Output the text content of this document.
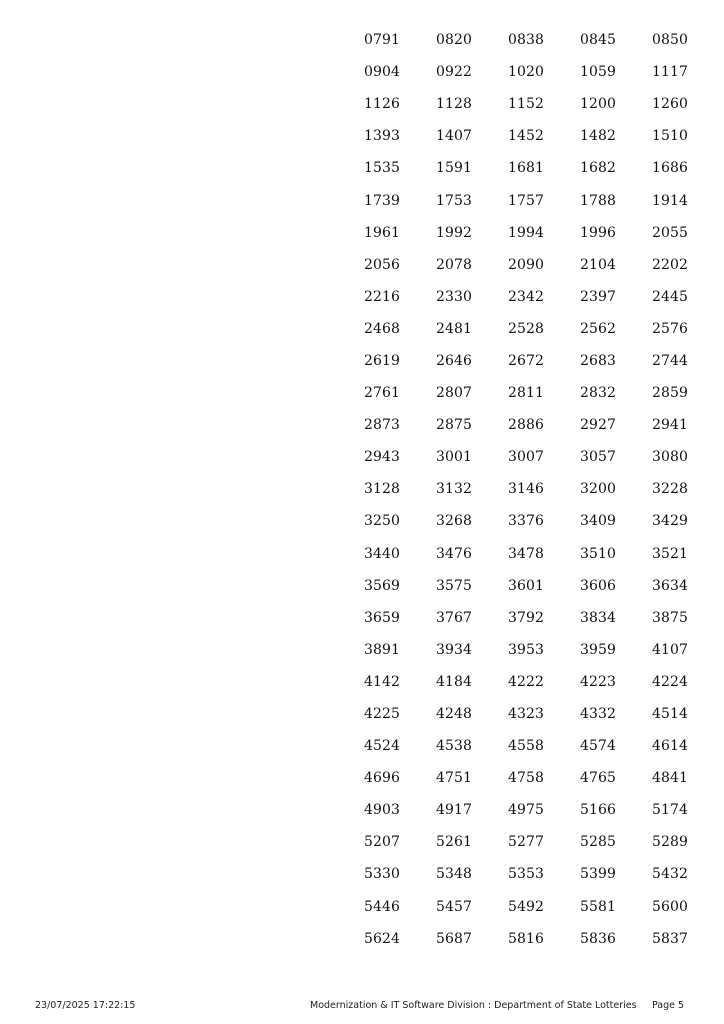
0791	0820	0838	0845	0850
0904	0922	1020	1059	1117
1126	1128	1152	1200	1260
1393	1407	1452	1482	1510
1535	1591	1681	1682	1686
1739	1753	1757	1788	1914
1961	1992	1994	1996	2055
2056	2078	2090	2104	2202
2216	2330	2342	2397	2445
2468	2481	2528	2562	2576
2619	2646	2672	2683	2744
2761	2807	2811	2832	2859
2873	2875	2886	2927	2941
2943	3001	3007	3057	3080
3128	3132	3146	3200	3228
3250	3268	3376	3409	3429
3440	3476	3478	3510	3521
3569	3575	3601	3606	3634
3659	3767	3792	3834	3875
3891	3934	3953	3959	4107
4142	4184	4222	4223	4224
4225	4248	4323	4332	4514
4524	4538	4558	4574	4614
4696	4751	4758	4765	4841
4903	4917	4975	5166	5174
5207	5261	5277	5285	5289
5330	5348	5353	5399	5432
5446	5457	5492	5581	5600
5624	5687	5816	5836	5837
23/07/2025 17:22:15	Modernization & IT Software Division : Department of State Lotteries Page 5
